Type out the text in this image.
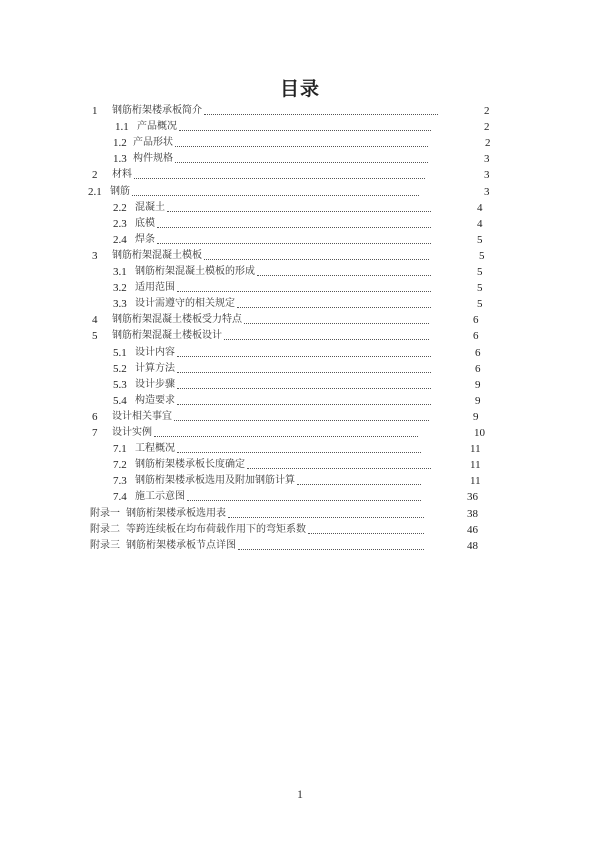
目录
1 钢筋桁架楼承板简介	2
1.1 产品概况	2
1.2 产品形状	2
1.3 构件规格	3
2 材料	3
2.1 钢筋	3
2.2 混凝土	4
2.3 底模	4
2.4 焊条	5
3 钢筋桁架混凝土模板	5
3.1 钢筋桁架混凝土模板的形成	5
3.2 适用范围	5
3.3 设计需遵守的相关规定	5
4 钢筋桁架混凝土楼板受力特点	6
5 钢筋桁架混凝土楼板设计	6
5.1 设计内容	6
5.2 计算方法	6
5.3 设计步骤	9
5.4 构造要求	9
6 设计相关事宜	9
7 设计实例	10
7.1 工程概况	11
7.2 钢筋桁架楼承板长度确定	11
7.3 钢筋桁架楼承板选用及附加钢筋计算	11
7.4 施工示意图	36
附录一 钢筋桁架楼承板选用表	38
附录二 等跨连续板在均布荷载作用下的弯矩系数	46
附录三 钢筋桁架楼承板节点详图	48
1
